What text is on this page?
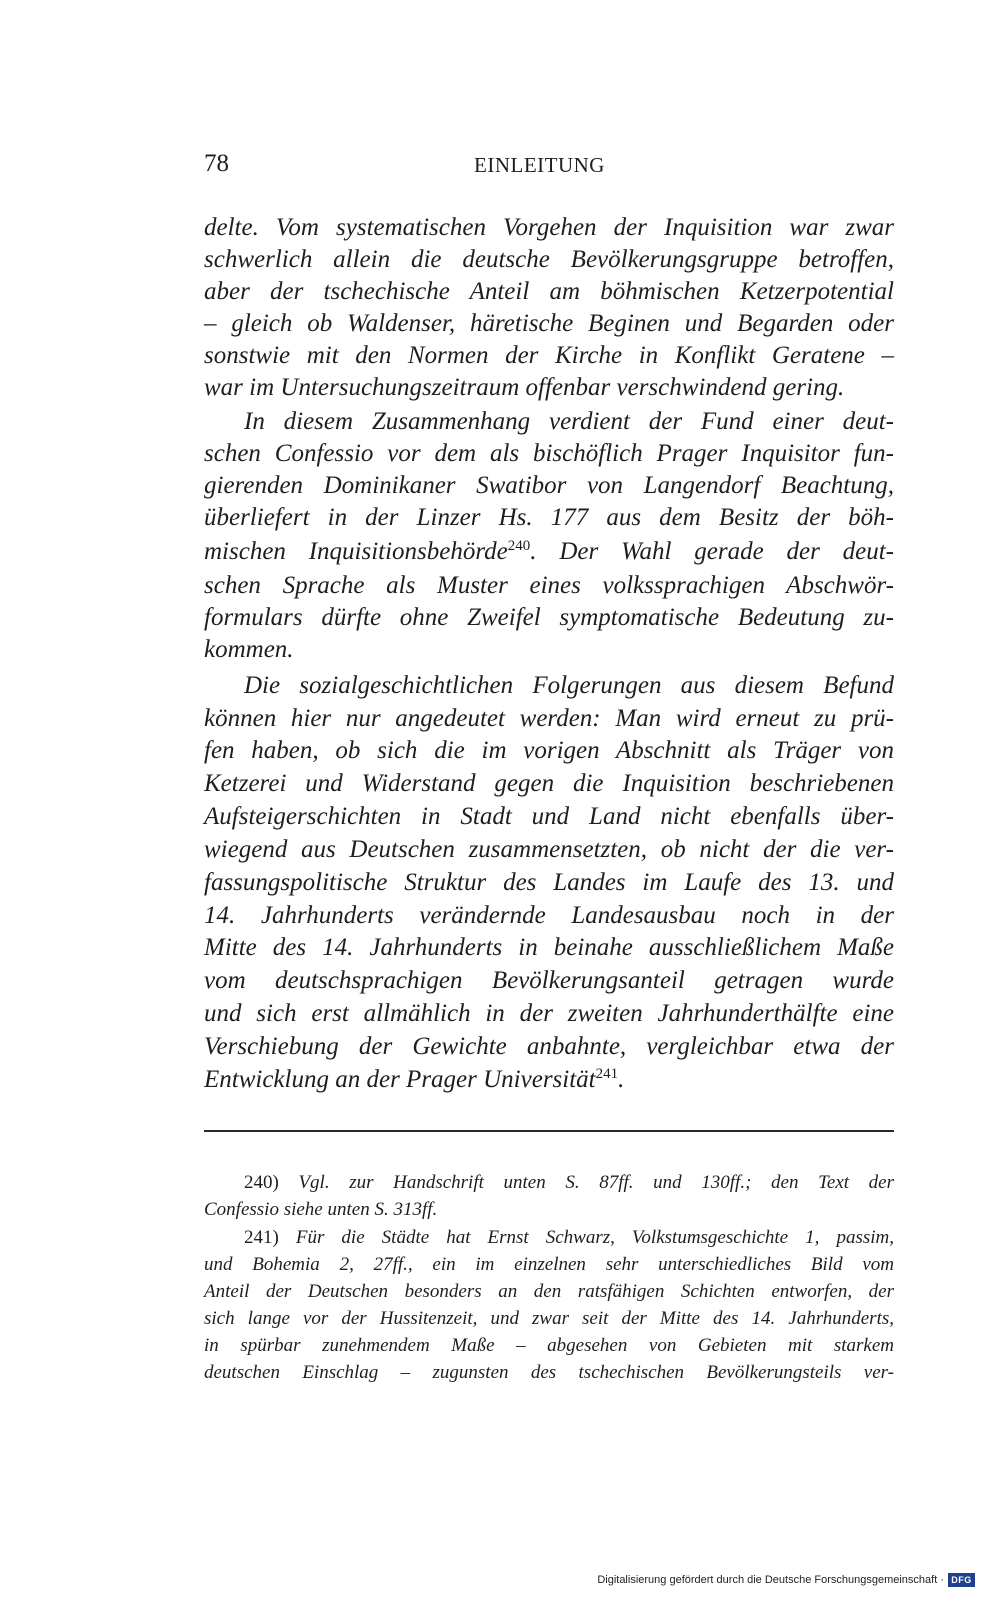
78	EINLEITUNG
delte. Vom systematischen Vorgehen der Inquisition war zwar
schwerlich allein die deutsche Bevölkerungsgruppe betroffen,
aber der tschechische Anteil am böhmischen Ketzerpotential
– gleich ob Waldenser, häretische Beginen und Begarden oder
sonstwie mit den Normen der Kirche in Konflikt Geratene –
war im Untersuchungszeitraum offenbar verschwindend gering.
In diesem Zusammenhang verdient der Fund einer deut-
schen Confessio vor dem als bischöflich Prager Inquisitor fun-
gierenden Dominikaner Swatibor von Langendorf Beachtung,
überliefert in der Linzer Hs. 177 aus dem Besitz der böh-
mischen Inquisitionsbehörde$^{240}$. Der Wahl gerade der deut-
schen Sprache als Muster eines volkssprachigen Abschwör-
formulars dürfte ohne Zweifel symptomatische Bedeutung zu-
kommen.
Die sozialgeschichtlichen Folgerungen aus diesem Befund
können hier nur angedeutet werden: Man wird erneut zu prü-
fen haben, ob sich die im vorigen Abschnitt als Träger von
Ketzerei und Widerstand gegen die Inquisition beschriebenen
Aufsteigerschichten in Stadt und Land nicht ebenfalls über-
wiegend aus Deutschen zusammensetzten, ob nicht der die ver-
fassungspolitische Struktur des Landes im Laufe des 13. und
14. Jahrhunderts verändernde Landesausbau noch in der
Mitte des 14. Jahrhunderts in beinahe ausschließlichem Maße
vom deutschsprachigen Bevölkerungsanteil getragen wurde
und sich erst allmählich in der zweiten Jahrhunderthälfte eine
Verschiebung der Gewichte anbahnte, vergleichbar etwa der
Entwicklung an der Prager Universität$^{241}$.
240) Vgl. zur Handschrift unten S. 87ff. und 130ff.; den Text der
Confessio siehe unten S. 313ff.
241) Für die Städte hat Ernst Schwarz, Volkstumsgeschichte 1, passim,
und Bohemia 2, 27ff., ein im einzelnen sehr unterschiedliches Bild vom
Anteil der Deutschen besonders an den ratsfähigen Schichten entworfen, der
sich lange vor der Hussitenzeit, und zwar seit der Mitte des 14. Jahrhunderts,
in spürbar zunehmendem Maße – abgesehen von Gebieten mit starkem
deutschen Einschlag – zugunsten des tschechischen Bevölkerungsteils ver-
Digitalisierung gefördert durch die Deutsche Forschungsgemeinschaft · DFG
